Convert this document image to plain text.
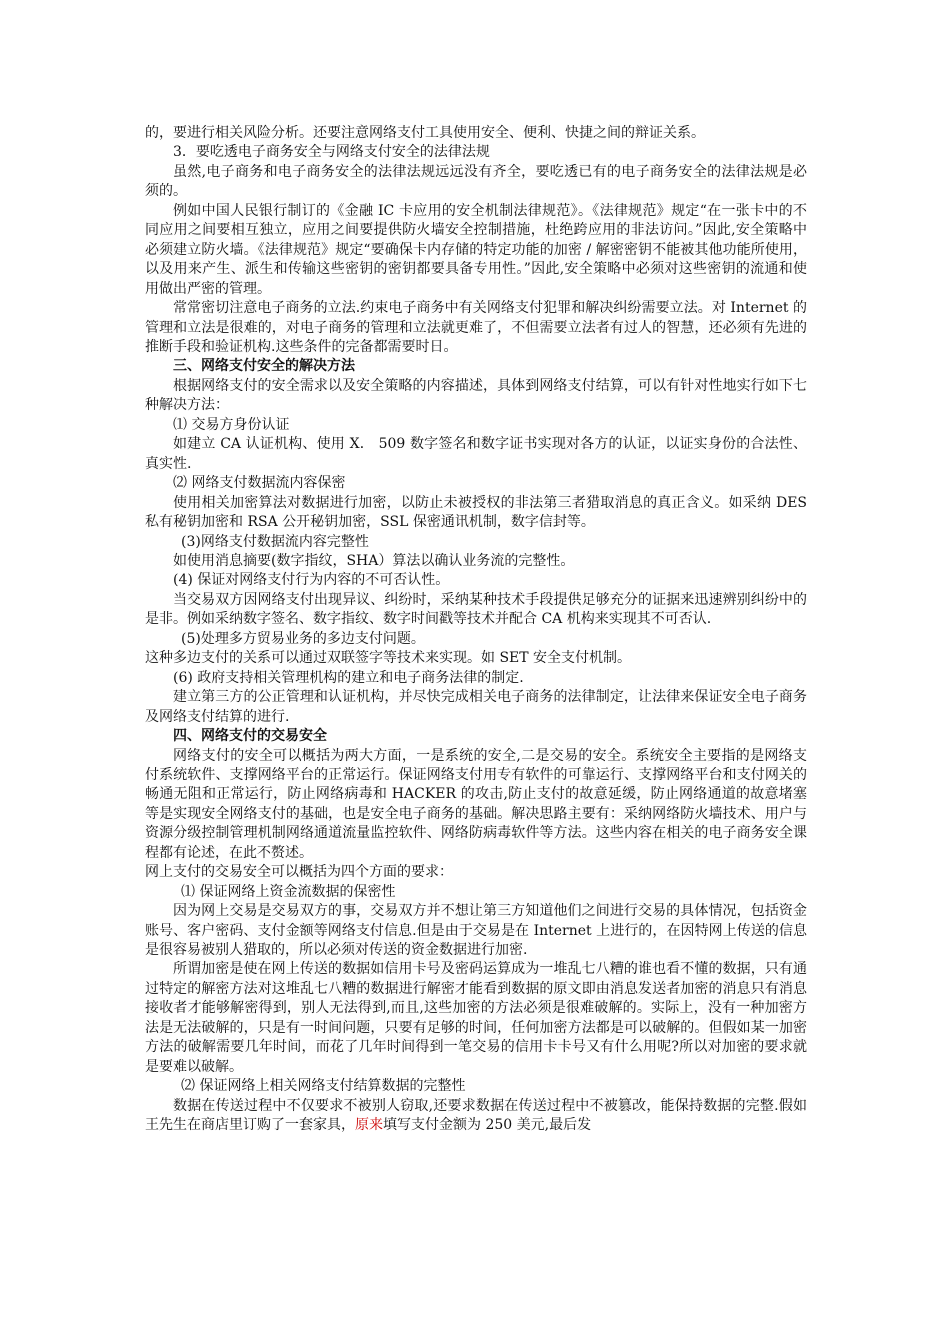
的，要进行相关风险分析。还要注意网络支付工具使用安全、便利、快捷之间的辩证关系。

3．要吃透电子商务安全与网络支付安全的法律法规

虽然,电子商务和电子商务安全的法律法规远远没有齐全，要吃透已有的电子商务安全的法律法规是必须的。

例如中国人民银行制订的《金融 IC 卡应用的安全机制法律规范》。《法律规范》规定“在一张卡中的不同应用之间要相互独立，应用之间要提供防火墙安全控制措施，杜绝跨应用的非法访问。”因此,安全策略中必须建立防火墙。《法律规范》规定“要确保卡内存储的特定功能的加密 / 解密密钥不能被其他功能所使用，以及用来产生、派生和传输这些密钥的密钥都要具备专用性。”因此,安全策略中必须对这些密钥的流通和使用做出严密的管理。

常常密切注意电子商务的立法.约束电子商务中有关网络支付犯罪和解决纠纷需要立法。对 Internet 的管理和立法是很难的，对电子商务的管理和立法就更难了，不但需要立法者有过人的智慧，还必须有先进的推断手段和验证机构.这些条件的完备都需要时日。

三、网络支付安全的解决方法

根据网络支付的安全需求以及安全策略的内容描述，具体到网络支付结算，可以有针对性地实行如下七种解决方法：

⑴ 交易方身份认证

如建立 CA 认证机构、使用 X． 509 数字签名和数字证书实现对各方的认证，以证实身份的合法性、真实性.

⑵ 网络支付数据流内容保密

使用相关加密算法对数据进行加密，以防止未被授权的非法第三者猎取消息的真正含义。如采纳 DES 私有秘钥加密和 RSA 公开秘钥加密，SSL 保密通讯机制，数字信封等。

(3)网络支付数据流内容完整性

如使用消息摘要(数字指纹，SHA）算法以确认业务流的完整性。

(4) 保证对网络支付行为内容的不可否认性。

当交易双方因网络支付出现异议、纠纷时，采纳某种技术手段提供足够充分的证据来迅速辨别纠纷中的是非。例如采纳数字签名、数字指纹、数字时间戳等技术并配合 CA 机构来实现其不可否认.

(5)处理多方贸易业务的多边支付问题。

这种多边支付的关系可以通过双联签字等技术来实现。如 SET 安全支付机制。

(6) 政府支持相关管理机构的建立和电子商务法律的制定.

建立第三方的公正管理和认证机构，并尽快完成相关电子商务的法律制定，让法律来保证安全电子商务及网络支付结算的进行.

四、网络支付的交易安全

网络支付的安全可以概括为两大方面，一是系统的安全,二是交易的安全。系统安全主要指的是网络支付系统软件、支撑网络平台的正常运行。保证网络支付用专有软件的可靠运行、支撑网络平台和支付网关的畅通无阻和正常运行，防止网络病毒和 HACKER 的攻击,防止支付的故意延缓，防止网络通道的故意堵塞等是实现安全网络支付的基础，也是安全电子商务的基础。解决思路主要有：采纳网络防火墙技术、用户与资源分级控制管理机制网络通道流量监控软件、网络防病毒软件等方法。这些内容在相关的电子商务安全课程都有论述，在此不赘述。

网上支付的交易安全可以概括为四个方面的要求：

⑴ 保证网络上资金流数据的保密性

因为网上交易是交易双方的事，交易双方并不想让第三方知道他们之间进行交易的具体情况，包括资金账号、客户密码、支付金额等网络支付信息.但是由于交易是在 Internet 上进行的，在因特网上传送的信息是很容易被别人猎取的，所以必须对传送的资金数据进行加密.

所谓加密是使在网上传送的数据如信用卡号及密码运算成为一堆乱七八糟的谁也看不懂的数据，只有通过特定的解密方法对这堆乱七八糟的数据进行解密才能看到数据的原文即由消息发送者加密的消息只有消息接收者才能够解密得到，别人无法得到,而且,这些加密的方法必须是很难破解的。实际上，没有一种加密方法是无法破解的，只是有一时间问题，只要有足够的时间，任何加密方法都是可以破解的。但假如某一加密方法的破解需要几年时间，而花了几年时间得到一笔交易的信用卡卡号又有什么用呢?所以对加密的要求就是要难以破解。

⑵ 保证网络上相关网络支付结算数据的完整性

数据在传送过程中不仅要求不被别人窃取,还要求数据在传送过程中不被篡改，能保持数据的完整.假如王先生在商店里订购了一套家具，原来填写支付金额为 250 美元,最后发
